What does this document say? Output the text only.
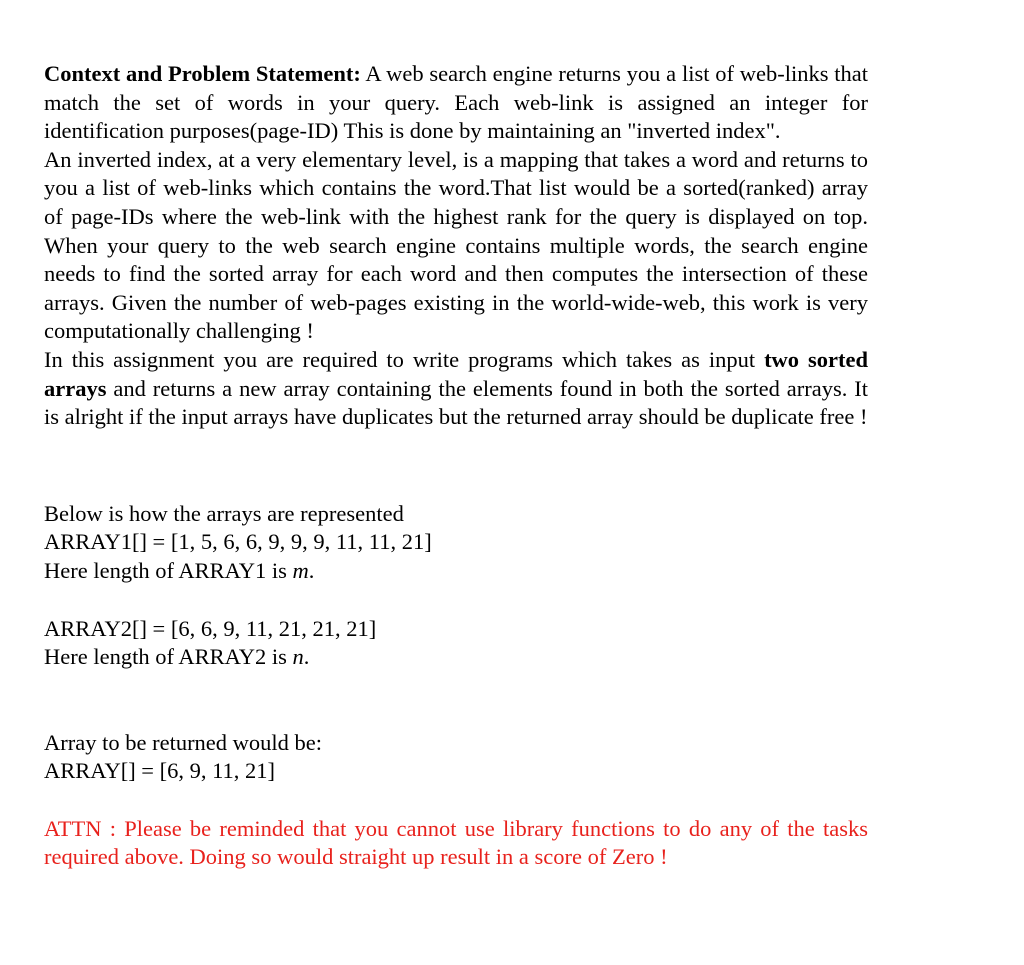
Context and Problem Statement: A web search engine returns you a list of web-links that match the set of words in your query. Each web-link is assigned an integer for identification purposes(page-ID) This is done by maintaining an "inverted index".

An inverted index, at a very elementary level, is a mapping that takes a word and returns to you a list of web-links which contains the word.That list would be a sorted(ranked) array of page-IDs where the web-link with the highest rank for the query is displayed on top. When your query to the web search engine contains multiple words, the search engine needs to find the sorted array for each word and then computes the intersection of these arrays. Given the number of web-pages existing in the world-wide-web, this work is very computationally challenging !

In this assignment you are required to write programs which takes as input two sorted arrays and returns a new array containing the elements found in both the sorted arrays. It is alright if the input arrays have duplicates but the returned array should be duplicate free !

Below is how the arrays are represented
ARRAY1[] = [1, 5, 6, 6, 9, 9, 9, 11, 11, 21]
Here length of ARRAY1 is m.
ARRAY2[] = [6, 6, 9, 11, 21, 21, 21]
Here length of ARRAY2 is n.
Array to be returned would be:
ARRAY[] = [6, 9, 11, 21]

ATTN : Please be reminded that you cannot use library functions to do any of the tasks required above. Doing so would straight up result in a score of Zero !
